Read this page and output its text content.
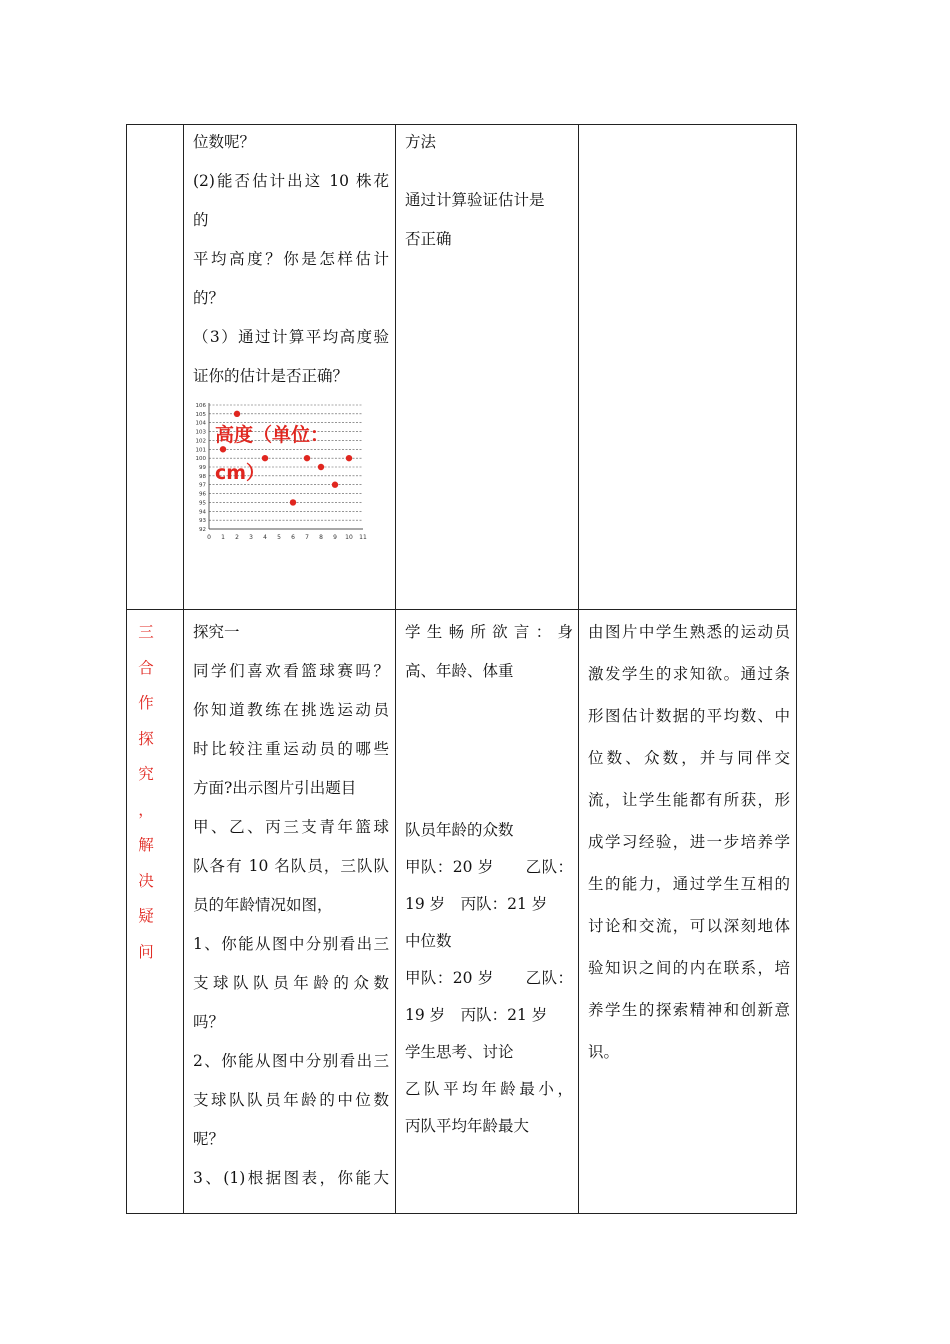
位数呢？
(2)能否估计出这 10 株花
的
平均高度？你是怎样估计
的？
（3）通过计算平均高度验
证你的估计是否正确？
106
105
104
103
102
101
100
99
98
97
96
95
94
93
92
0 1 2 3 4 5 6 7 8 9 10 11
高度（单位：
cm）
方法
通过计算验证估计是
否正确
三
合
作
探
究
，
解
决
疑
问
探究一
同学们喜欢看篮球赛吗？
你知道教练在挑选运动员
时比较注重运动员的哪些
方面?出示图片引出题目
甲、乙、丙三支青年篮球
队各有 10 名队员，三队队
员的年龄情况如图，
1、你能从图中分别看出三
支球队队员年龄的众数
吗？
2、你能从图中分别看出三
支球队队员年龄的中位数
呢？
3、(1)根据图表，你能大
学生畅所欲言：身
高、年龄、体重
队员年龄的众数
甲队：20 岁　　乙队：
19 岁　丙队：21 岁
中位数
甲队：20 岁　　乙队：
19 岁　丙队：21 岁
学生思考、讨论
乙队平均年龄最小，
丙队平均年龄最大
由图片中学生熟悉的运动员
激发学生的求知欲。通过条
形图估计数据的平均数、中
位数、众数，并与同伴交
流，让学生能都有所获，形
成学习经验，进一步培养学
生的能力，通过学生互相的
讨论和交流，可以深刻地体
验知识之间的内在联系，培
养学生的探索精神和创新意
识。
